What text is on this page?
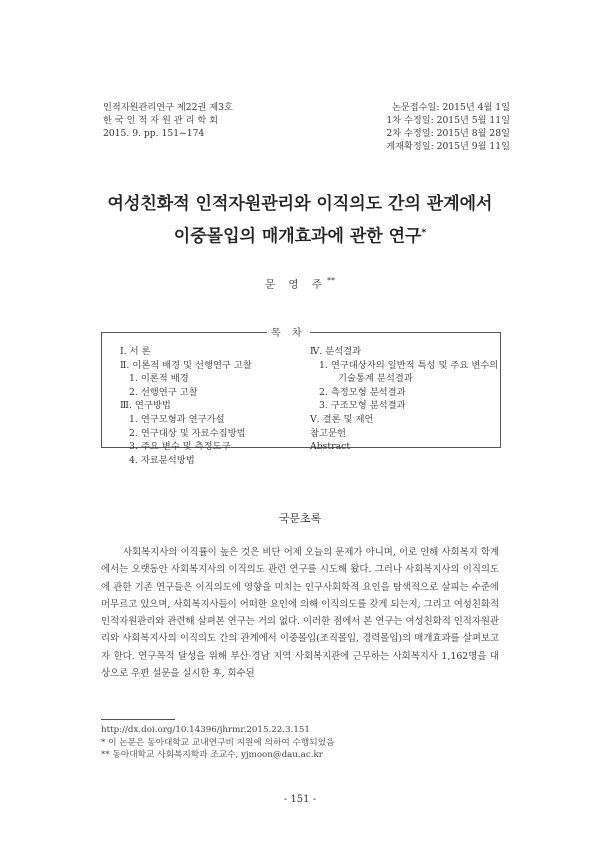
인적자원관리연구 제22권 제3호
한 국 인 적 자 원 관 리 학 회
2015. 9. pp. 151~174
논문접수일: 2015년 4월 1일
1차 수정일: 2015년 5월 11일
2차 수정일: 2015년 8월 28일
게재확정일: 2015년 9월 11일
여성친화적 인적자원관리와 이직의도 간의 관계에서
이중몰입의 매개효과에 관한 연구*
문 영 주**
목 차
Ⅰ. 서 론
Ⅱ. 이론적 배경 및 선행연구 고찰
1. 이론적 배경
2. 선행연구 고찰
Ⅲ. 연구방법
1. 연구모형과 연구가설
2. 연구대상 및 자료수집방법
3. 주요 변수 및 측정도구
4. 자료분석방법
Ⅳ. 분석결과
1. 연구대상자의 일반적 특성 및 주요 변수의
기술통계 분석결과
2. 측정모형 분석결과
3. 구조모형 분석결과
Ⅴ. 결론 및 제언
참고문헌
Abstract
국문초록

사회복지사의 이직률이 높은 것은 비단 어제 오늘의 문제가 아니며, 이로 인해 사회복지 학계에서는 오랫동안 사회복지사의 이직의도 관련 연구를 시도해 왔다. 그러나 사회복지사의 이직의도에 관한 기존 연구들은 이직의도에 영향을 미치는 인구사회학적 요인을 탐색적으로 살피는 수준에 머무르고 있으며, 사회복지사들이 어떠한 요인에 의해 이직의도를 갖게 되는지, 그리고 여성친화적 인적자원관리와 관련해 살펴본 연구는 거의 없다. 이러한 점에서 본 연구는 여성친화적 인적자원관리와 사회복지사의 이직의도 간의 관계에서 이중몰입(조직몰입, 경력몰입)의 매개효과를 살펴보고자 한다. 연구목적 달성을 위해 부산·경남 지역 사회복지관에 근무하는 사회복지사 1,162명을 대상으로 우편 설문을 실시한 후, 회수된

http://dx.doi.org/10.14396/jhrmr.2015.22.3.151
* 이 논문은 동아대학교 교내연구비 지원에 의하여 수행되었음
** 동아대학교 사회복지학과 조교수, yjmoon@dau.ac.kr
- 151 -
